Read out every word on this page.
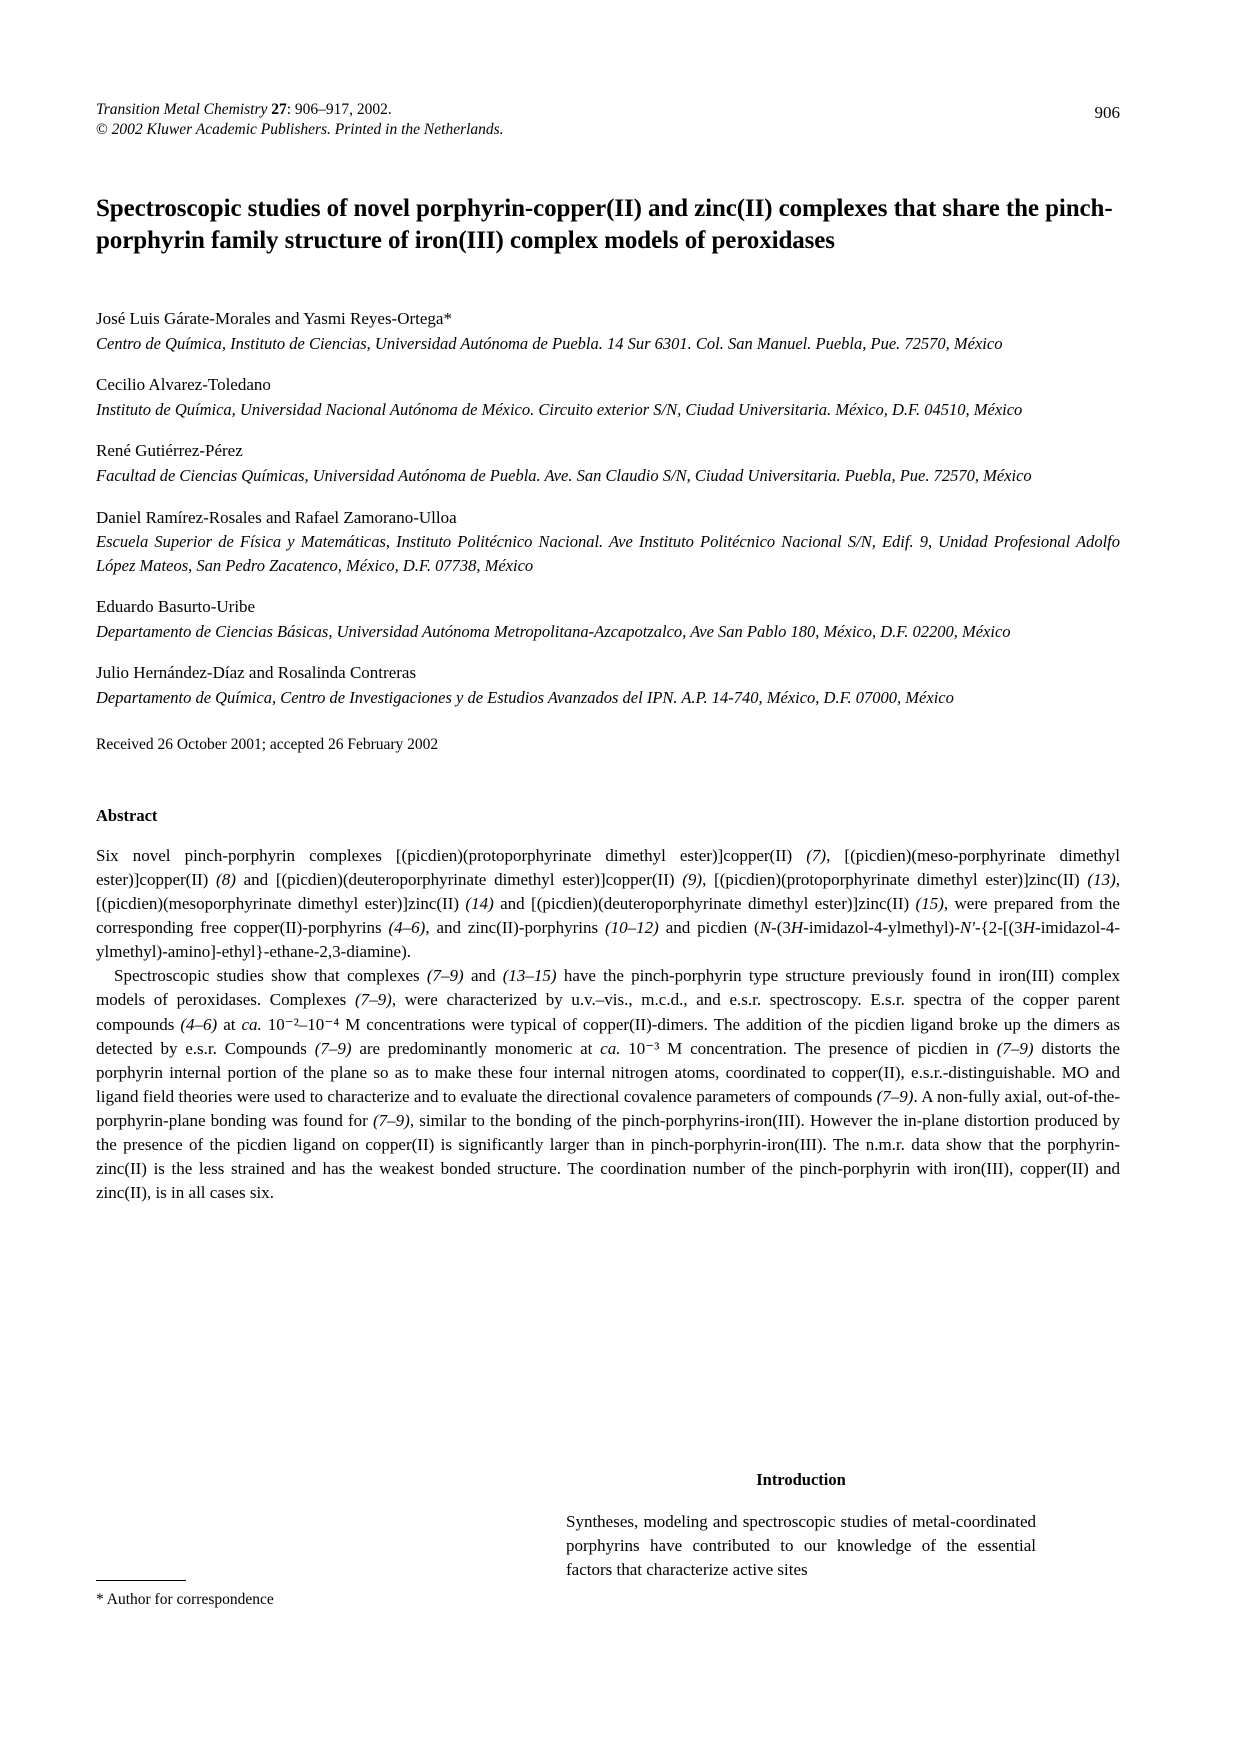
Transition Metal Chemistry 27: 906–917, 2002.
© 2002 Kluwer Academic Publishers. Printed in the Netherlands.
906
Spectroscopic studies of novel porphyrin-copper(II) and zinc(II) complexes that share the pinch-porphyrin family structure of iron(III) complex models of peroxidases
José Luis Gárate-Morales and Yasmi Reyes-Ortega*
Centro de Química, Instituto de Ciencias, Universidad Autónoma de Puebla. 14 Sur 6301. Col. San Manuel. Puebla, Pue. 72570, México
Cecilio Alvarez-Toledano
Instituto de Química, Universidad Nacional Autónoma de México. Circuito exterior S/N, Ciudad Universitaria. México, D.F. 04510, México
René Gutiérrez-Pérez
Facultad de Ciencias Químicas, Universidad Autónoma de Puebla. Ave. San Claudio S/N, Ciudad Universitaria. Puebla, Pue. 72570, México
Daniel Ramírez-Rosales and Rafael Zamorano-Ulloa
Escuela Superior de Física y Matemáticas, Instituto Politécnico Nacional. Ave Instituto Politécnico Nacional S/N, Edif. 9, Unidad Profesional Adolfo López Mateos, San Pedro Zacatenco, México, D.F. 07738, México
Eduardo Basurto-Uribe
Departamento de Ciencias Básicas, Universidad Autónoma Metropolitana-Azcapotzalco, Ave San Pablo 180, México, D.F. 02200, México
Julio Hernández-Díaz and Rosalinda Contreras
Departamento de Química, Centro de Investigaciones y de Estudios Avanzados del IPN. A.P. 14-740, México, D.F. 07000, México
Received 26 October 2001; accepted 26 February 2002
Abstract

Six novel pinch-porphyrin complexes [(picdien)(protoporphyrinate dimethyl ester)]copper(II) (7), [(picdien)(meso-porphyrinate dimethyl ester)]copper(II) (8) and [(picdien)(deuteroporphyrinate dimethyl ester)]copper(II) (9), [(picdien)(protoporphyrinate dimethyl ester)]zinc(II) (13), [(picdien)(mesoporphyrinate dimethyl ester)]zinc(II) (14) and [(picdien)(deuteroporphyrinate dimethyl ester)]zinc(II) (15), were prepared from the corresponding free copper(II)-porphyrins (4–6), and zinc(II)-porphyrins (10–12) and picdien (N-(3H-imidazol-4-ylmethyl)-N′-{2-[(3H-imidazol-4-ylmethyl)-amino]-ethyl}-ethane-2,3-diamine).

Spectroscopic studies show that complexes (7–9) and (13–15) have the pinch-porphyrin type structure previously found in iron(III) complex models of peroxidases. Complexes (7–9), were characterized by u.v.–vis., m.c.d., and e.s.r. spectroscopy. E.s.r. spectra of the copper parent compounds (4–6) at ca. 10⁻²–10⁻⁴ M concentrations were typical of copper(II)-dimers. The addition of the picdien ligand broke up the dimers as detected by e.s.r. Compounds (7–9) are predominantly monomeric at ca. 10⁻³ M concentration. The presence of picdien in (7–9) distorts the porphyrin internal portion of the plane so as to make these four internal nitrogen atoms, coordinated to copper(II), e.s.r.-distinguishable. MO and ligand field theories were used to characterize and to evaluate the directional covalence parameters of compounds (7–9). A non-fully axial, out-of-the-porphyrin-plane bonding was found for (7–9), similar to the bonding of the pinch-porphyrins-iron(III). However the in-plane distortion produced by the presence of the picdien ligand on copper(II) is significantly larger than in pinch-porphyrin-iron(III). The n.m.r. data show that the porphyrin-zinc(II) is the less strained and has the weakest bonded structure. The coordination number of the pinch-porphyrin with iron(III), copper(II) and zinc(II), is in all cases six.

* Author for correspondence
Introduction

Syntheses, modeling and spectroscopic studies of metal-coordinated porphyrins have contributed to our knowledge of the essential factors that characterize active sites
